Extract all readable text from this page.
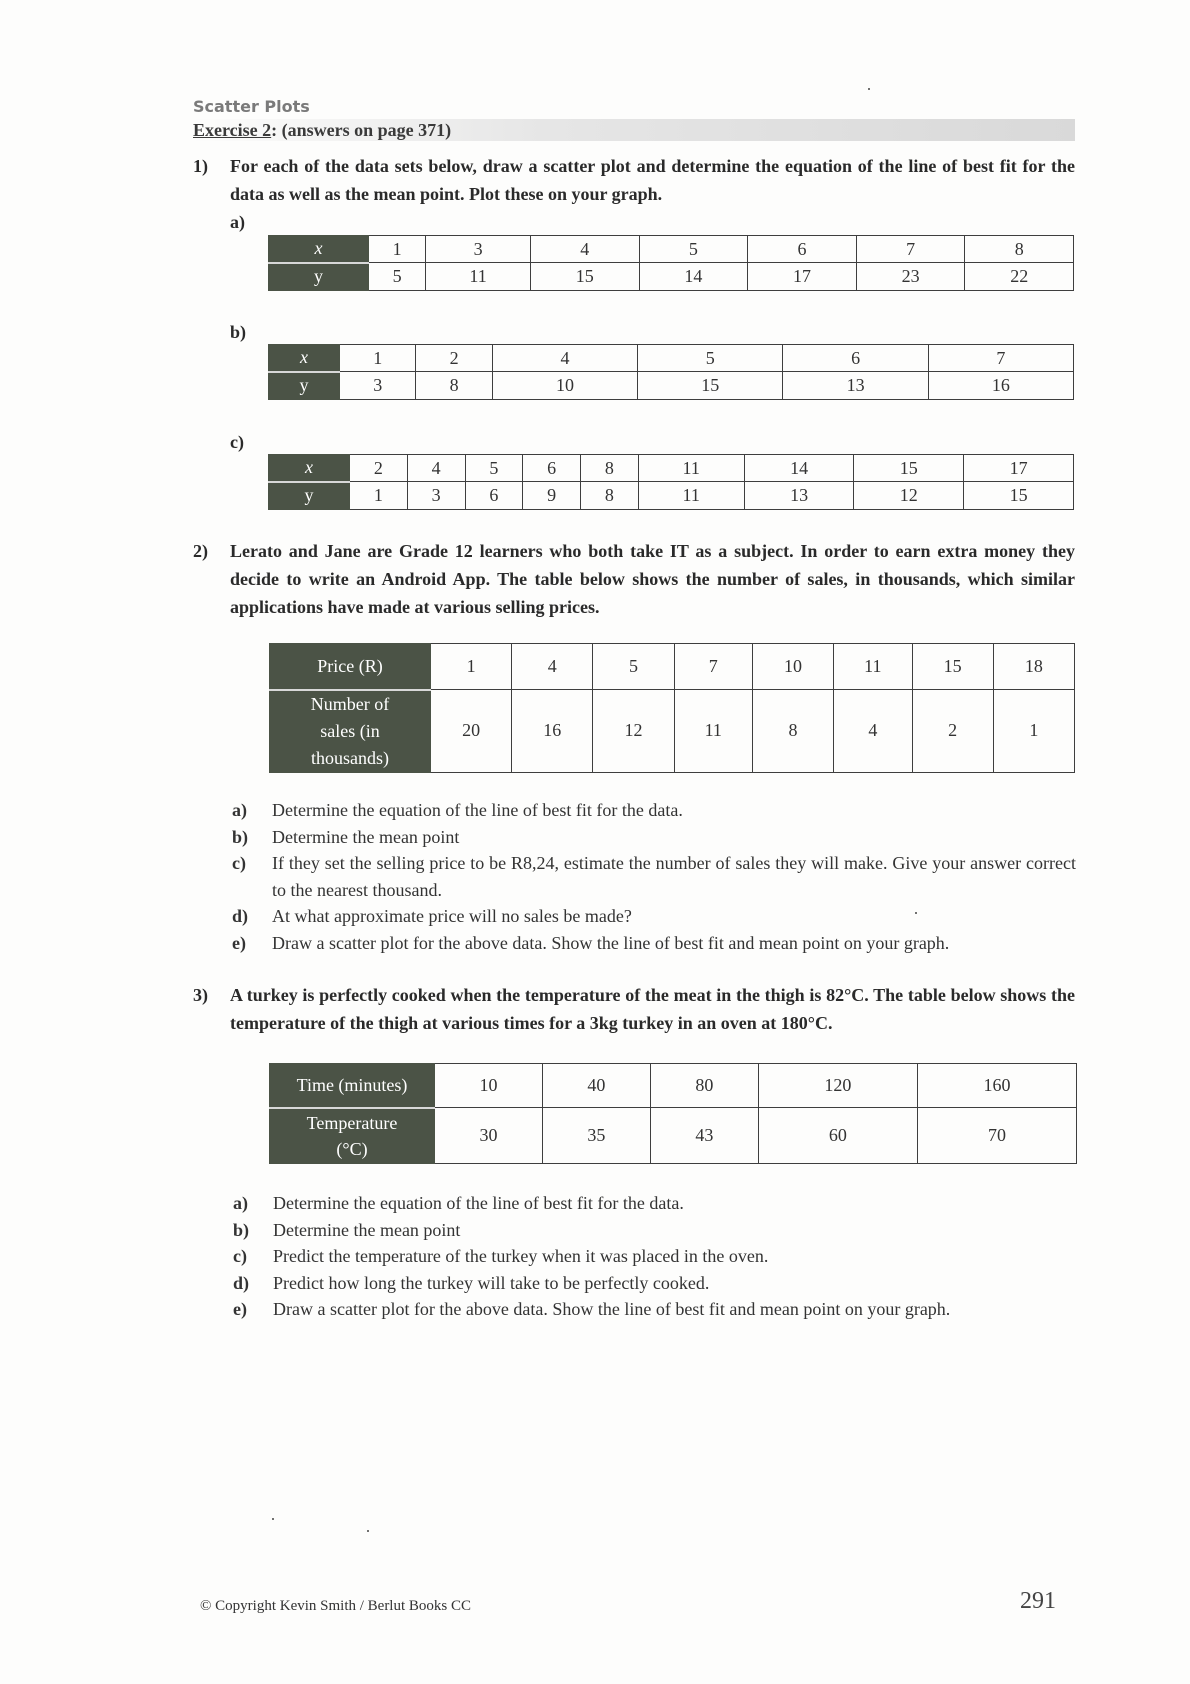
Scatter Plots
Exercise 2: (answers on page 371)
1) For each of the data sets below, draw a scatter plot and determine the equation of the line of best fit for the data as well as the mean point. Plot these on your graph.
a)
x	1	3	4	5	6	7	8
y	5	11	15	14	17	23	22
b)
x	1	2	4	5	6	7
y	3	8	10	15	13	16
c)
x	2	4	5	6	8	11	14	15	17
y	1	3	6	9	8	11	13	12	15
2) Lerato and Jane are Grade 12 learners who both take IT as a subject. In order to earn extra money they decide to write an Android App. The table below shows the number of sales, in thousands, which similar applications have made at various selling prices.
Price (R)	1	4	5	7	10	11	15	18
Number of sales (in thousands)	20	16	12	11	8	4	2	1
a) Determine the equation of the line of best fit for the data.
b) Determine the mean point
c) If they set the selling price to be R8,24, estimate the number of sales they will make. Give your answer correct to the nearest thousand.
d) At what approximate price will no sales be made?
e) Draw a scatter plot for the above data. Show the line of best fit and mean point on your graph.
3) A turkey is perfectly cooked when the temperature of the meat in the thigh is 82°C. The table below shows the temperature of the thigh at various times for a 3kg turkey in an oven at 180°C.
Time (minutes)	10	40	80	120	160
Temperature (°C)	30	35	43	60	70
a) Determine the equation of the line of best fit for the data.
b) Determine the mean point
c) Predict the temperature of the turkey when it was placed in the oven.
d) Predict how long the turkey will take to be perfectly cooked.
e) Draw a scatter plot for the above data. Show the line of best fit and mean point on your graph.
© Copyright Kevin Smith / Berlut Books CC	291
